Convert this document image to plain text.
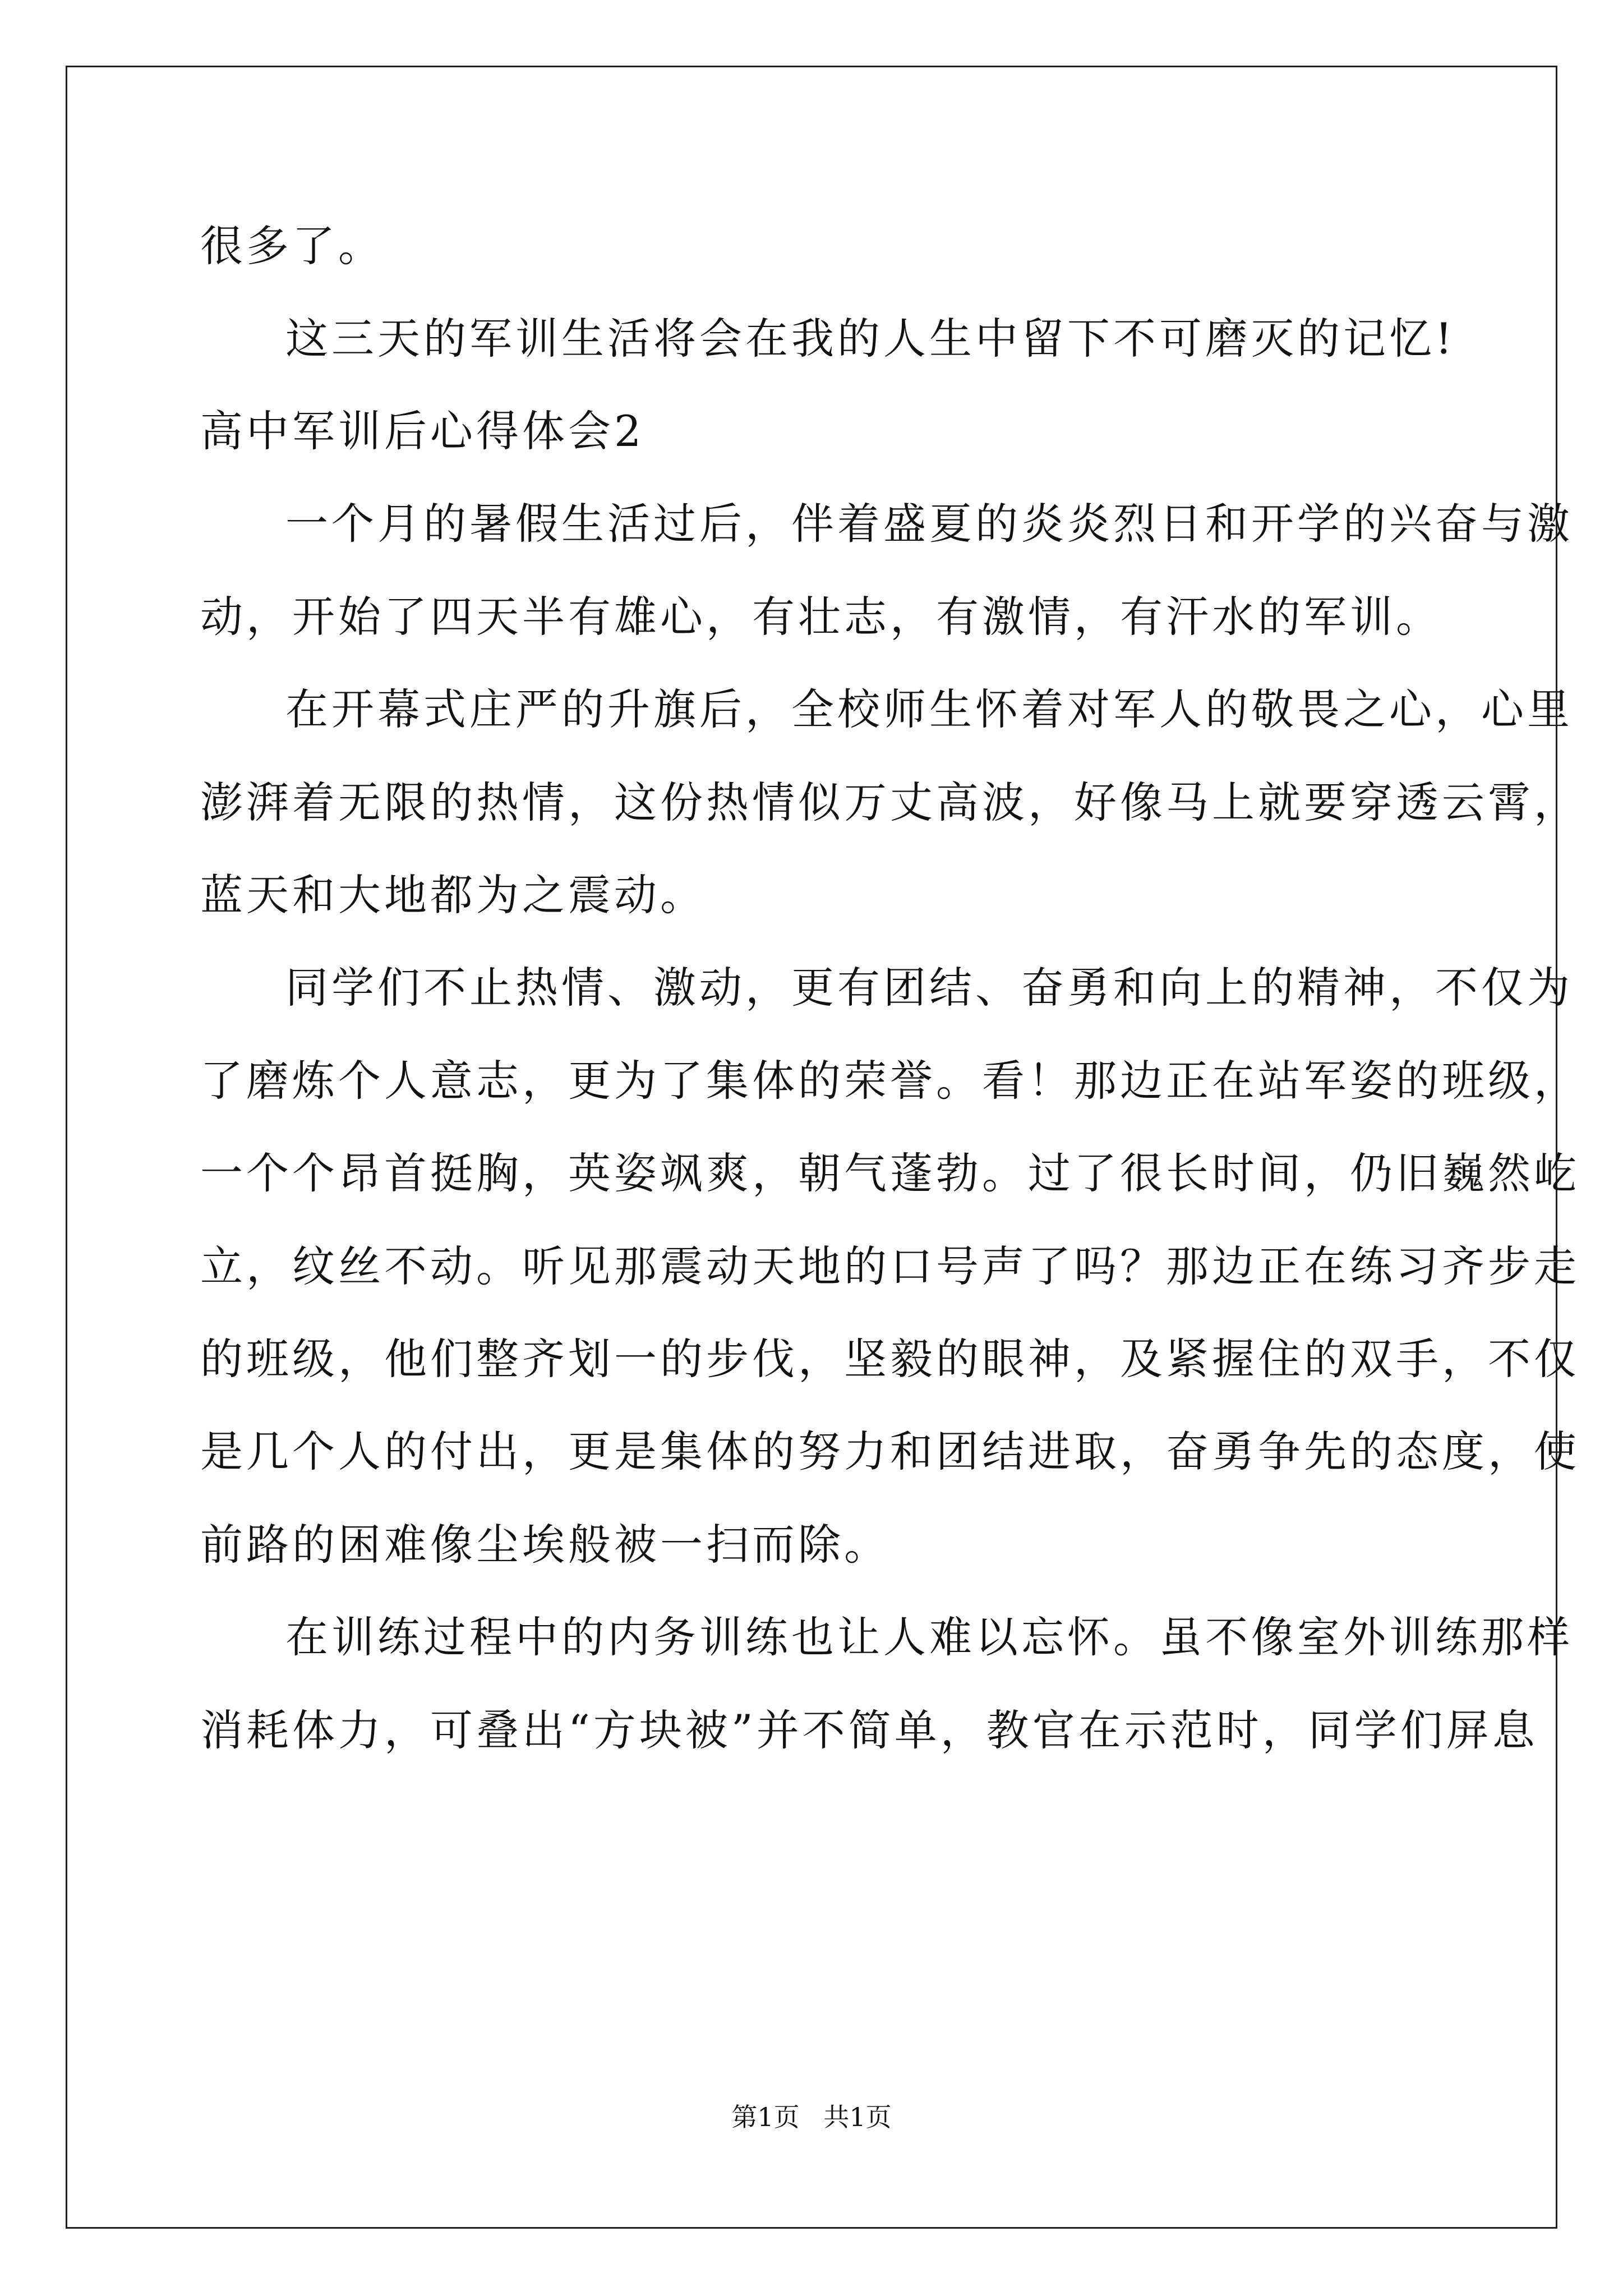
很多了。
这三天的军训生活将会在我的人生中留下不可磨灭的记忆!
高中军训后心得体会2
一个月的暑假生活过后，伴着盛夏的炎炎烈日和开学的兴奋与激
动，开始了四天半有雄心，有壮志，有激情，有汗水的军训。
在开幕式庄严的升旗后，全校师生怀着对军人的敬畏之心，心里
澎湃着无限的热情，这份热情似万丈高波，好像马上就要穿透云霄，
蓝天和大地都为之震动。
同学们不止热情、激动，更有团结、奋勇和向上的精神，不仅为
了磨炼个人意志，更为了集体的荣誉。看！那边正在站军姿的班级，
一个个昂首挺胸，英姿飒爽，朝气蓬勃。过了很长时间，仍旧巍然屹
立，纹丝不动。听见那震动天地的口号声了吗？那边正在练习齐步走
的班级，他们整齐划一的步伐，坚毅的眼神，及紧握住的双手，不仅
是几个人的付出，更是集体的努力和团结进取，奋勇争先的态度，使
前路的困难像尘埃般被一扫而除。
在训练过程中的内务训练也让人难以忘怀。虽不像室外训练那样
消耗体力，可叠出“方块被”并不简单，教官在示范时，同学们屏息
第1页 共1页
